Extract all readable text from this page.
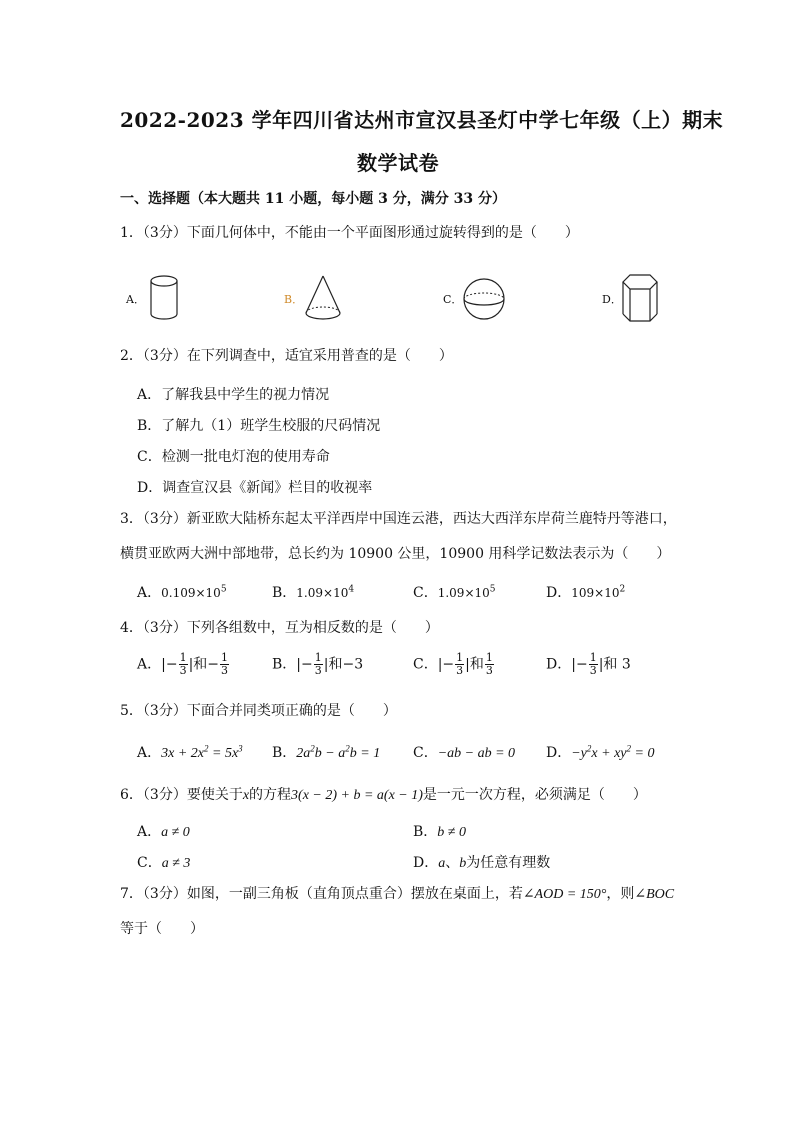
2022-2023 学年四川省达州市宣汉县圣灯中学七年级（上）期末
数学试卷
一、选择题（本大题共 11 小题，每小题 3 分，满分 33 分）
1．（3分）下面几何体中，不能由一个平面图形通过旋转得到的是（　　）
A．	B．	C．	D．
2．（3分）在下列调查中，适宜采用普查的是（　　）
A．了解我县中学生的视力情况
B．了解九（1）班学生校服的尺码情况
C．检测一批电灯泡的使用寿命
D．调查宣汉县《新闻》栏目的收视率
3．（3分）新亚欧大陆桥东起太平洋西岸中国连云港，西达大西洋东岸荷兰鹿特丹等港口，
横贯亚欧两大洲中部地带，总长约为 10900 公里，10900 用科学记数法表示为（　　）
A．$0.109\times 10^5$	B．$1.09\times 10^4$	C．$1.09\times 10^5$	D．$109\times 10^2$
4．（3分）下列各组数中，互为相反数的是（　　）
A．|− $\frac{1}{3}$ |和− $\frac{1}{3}$	B．|− $\frac{1}{3}$ |和−3	C．|− $\frac{1}{3}$ |和 $\frac{1}{3}$	D．|− $\frac{1}{3}$ |和 3
5．（3分）下面合并同类项正确的是（　　）
A．$3x + 2x^2 = 5x^3$ B．$2a^2b - a^2b = 1$ C．−ab − ab = 0 D．$-y^2x + xy^2 = 0$
6．（3分）要使关于x的方程3(x − 2) + b = a(x − 1)是一元一次方程，必须满足（　　）
A．a ≠ 0	B．b ≠ 0
C．a ≠ 3	D．a、b为任意有理数
7．（3分）如图，一副三角板（直角顶点重合）摆放在桌面上，若∠AOD = 150°，则∠BOC
等于（　　）
